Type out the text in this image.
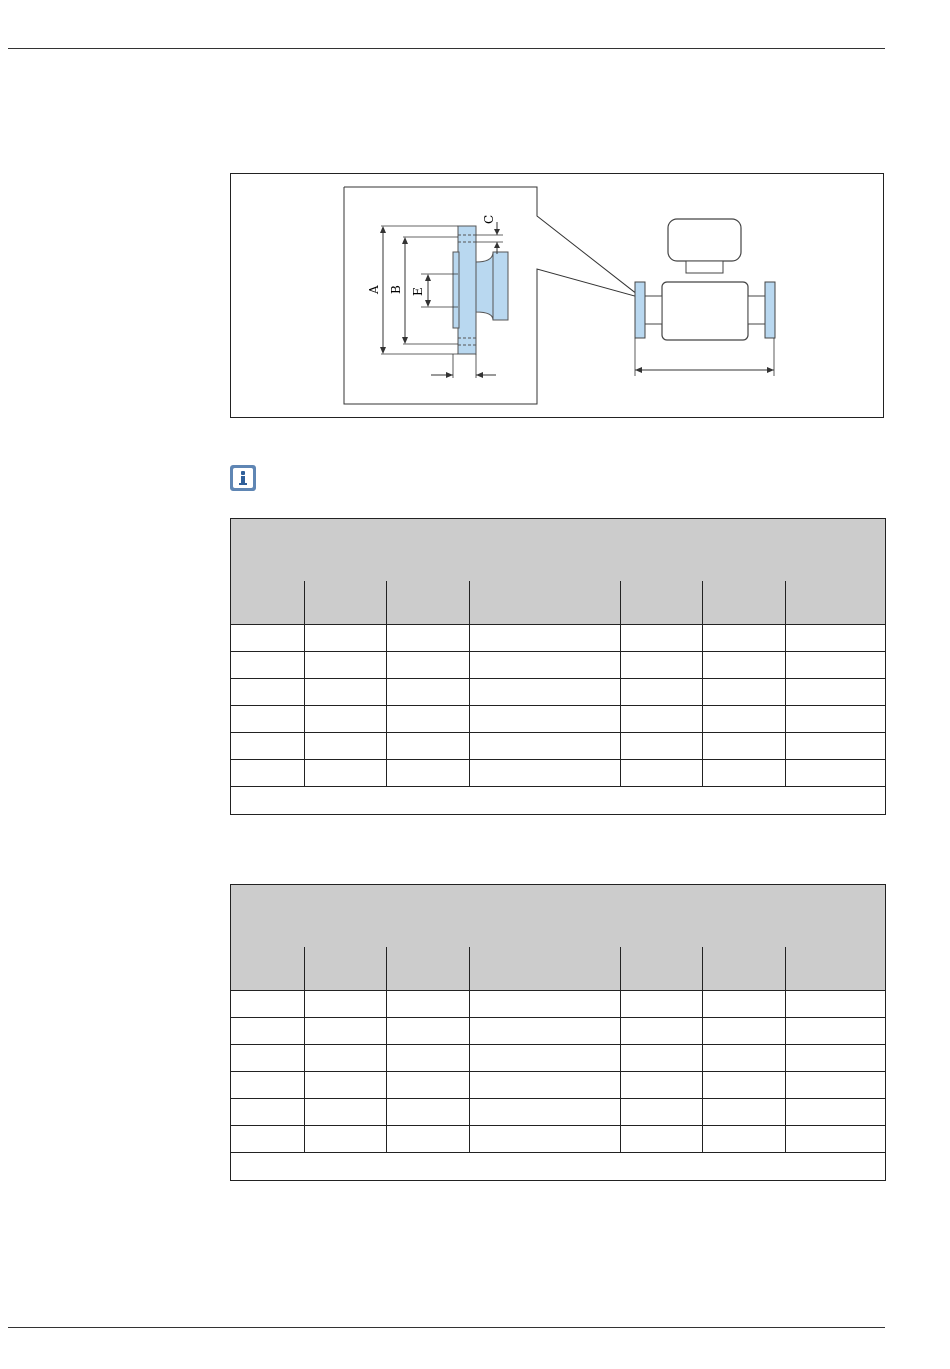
A B E
C
